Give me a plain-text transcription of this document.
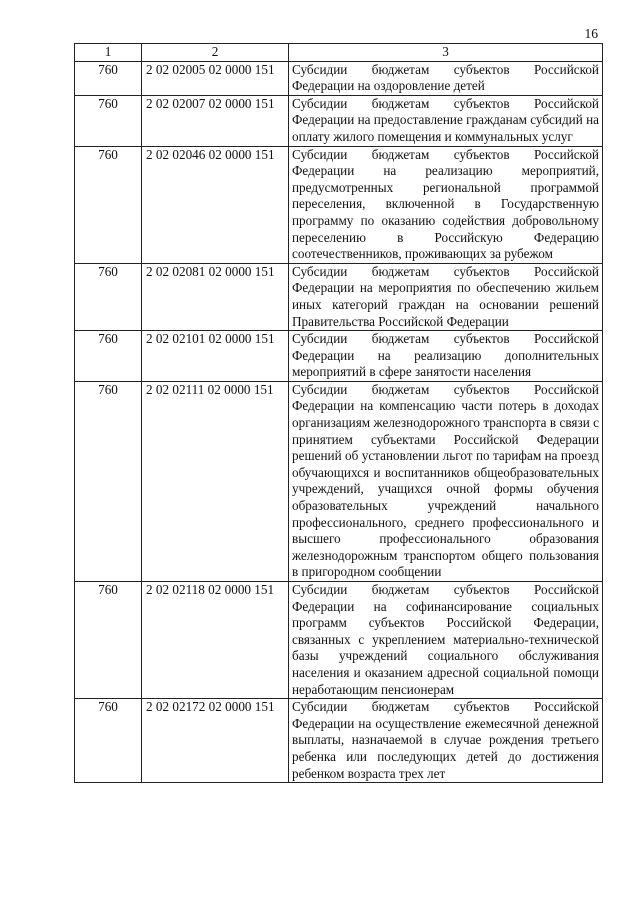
16
1	2	3
760	2 02 02005 02 0000 151	Субсидии бюджетам субъектов Российской Федерации на оздоровление детей
760	2 02 02007 02 0000 151	Субсидии бюджетам субъектов Российской Федерации на предоставление гражданам субсидий на оплату жилого помещения и коммунальных услуг
760	2 02 02046 02 0000 151	Субсидии бюджетам субъектов Российской Федерации на реализацию мероприятий, предусмотренных региональной программой переселения, включенной в Государственную программу по оказанию содействия добровольному переселению в Российскую Федерацию соотечественников, проживающих за рубежом
760	2 02 02081 02 0000 151	Субсидии бюджетам субъектов Российской Федерации на мероприятия по обеспечению жильем иных категорий граждан на основании решений Правительства Российской Федерации
760	2 02 02101 02 0000 151	Субсидии бюджетам субъектов Российской Федерации на реализацию дополнительных мероприятий в сфере занятости населения
760	2 02 02111 02 0000 151	Субсидии бюджетам субъектов Российской Федерации на компенсацию части потерь в доходах организациям железнодорожного транспорта в связи с принятием субъектами Российской Федерации решений об установлении льгот по тарифам на проезд обучающихся и воспитанников общеобразовательных учреждений, учащихся очной формы обучения образовательных учреждений начального профессионального, среднего профессионального и высшего профессионального образования железнодорожным транспортом общего пользования в пригородном сообщении
760	2 02 02118 02 0000 151	Субсидии бюджетам субъектов Российской Федерации на софинансирование социальных программ субъектов Российской Федерации, связанных с укреплением материально-технической базы учреждений социального обслуживания населения и оказанием адресной социальной помощи неработающим пенсионерам
760	2 02 02172 02 0000 151	Субсидии бюджетам субъектов Российской Федерации на осуществление ежемесячной денежной выплаты, назначаемой в случае рождения третьего ребенка или последующих детей до достижения ребенком возраста трех лет
